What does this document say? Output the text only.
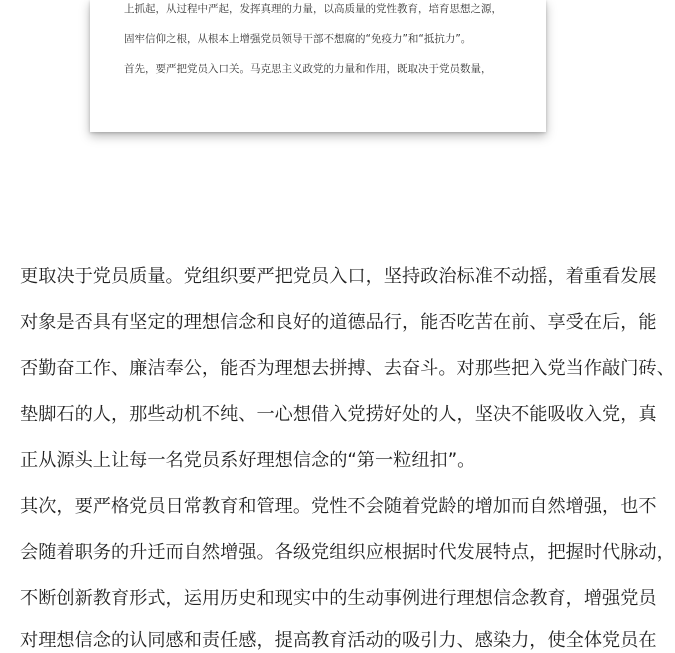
上抓起，从过程中严起，发挥真理的力量，以高质量的党性教育，培育思想之源，
固牢信仰之根，从根本上增强党员领导干部不想腐的“免疫力”和“抵抗力”。
首先，要严把党员入口关。马克思主义政党的力量和作用，既取决于党员数量，
更取决于党员质量。党组织要严把党员入口，坚持政治标准不动摇，着重看发展
对象是否具有坚定的理想信念和良好的道德品行，能否吃苦在前、享受在后，能
否勤奋工作、廉洁奉公，能否为理想去拼搏、去奋斗。对那些把入党当作敲门砖、
垫脚石的人，那些动机不纯、一心想借入党捞好处的人，坚决不能吸收入党，真
正从源头上让每一名党员系好理想信念的“第一粒纽扣”。
其次，要严格党员日常教育和管理。党性不会随着党龄的增加而自然增强，也不
会随着职务的升迁而自然增强。各级党组织应根据时代发展特点，把握时代脉动，
不断创新教育形式，运用历史和现实中的生动事例进行理想信念教育，增强党员
对理想信念的认同感和责任感，提高教育活动的吸引力、感染力，使全体党员在
